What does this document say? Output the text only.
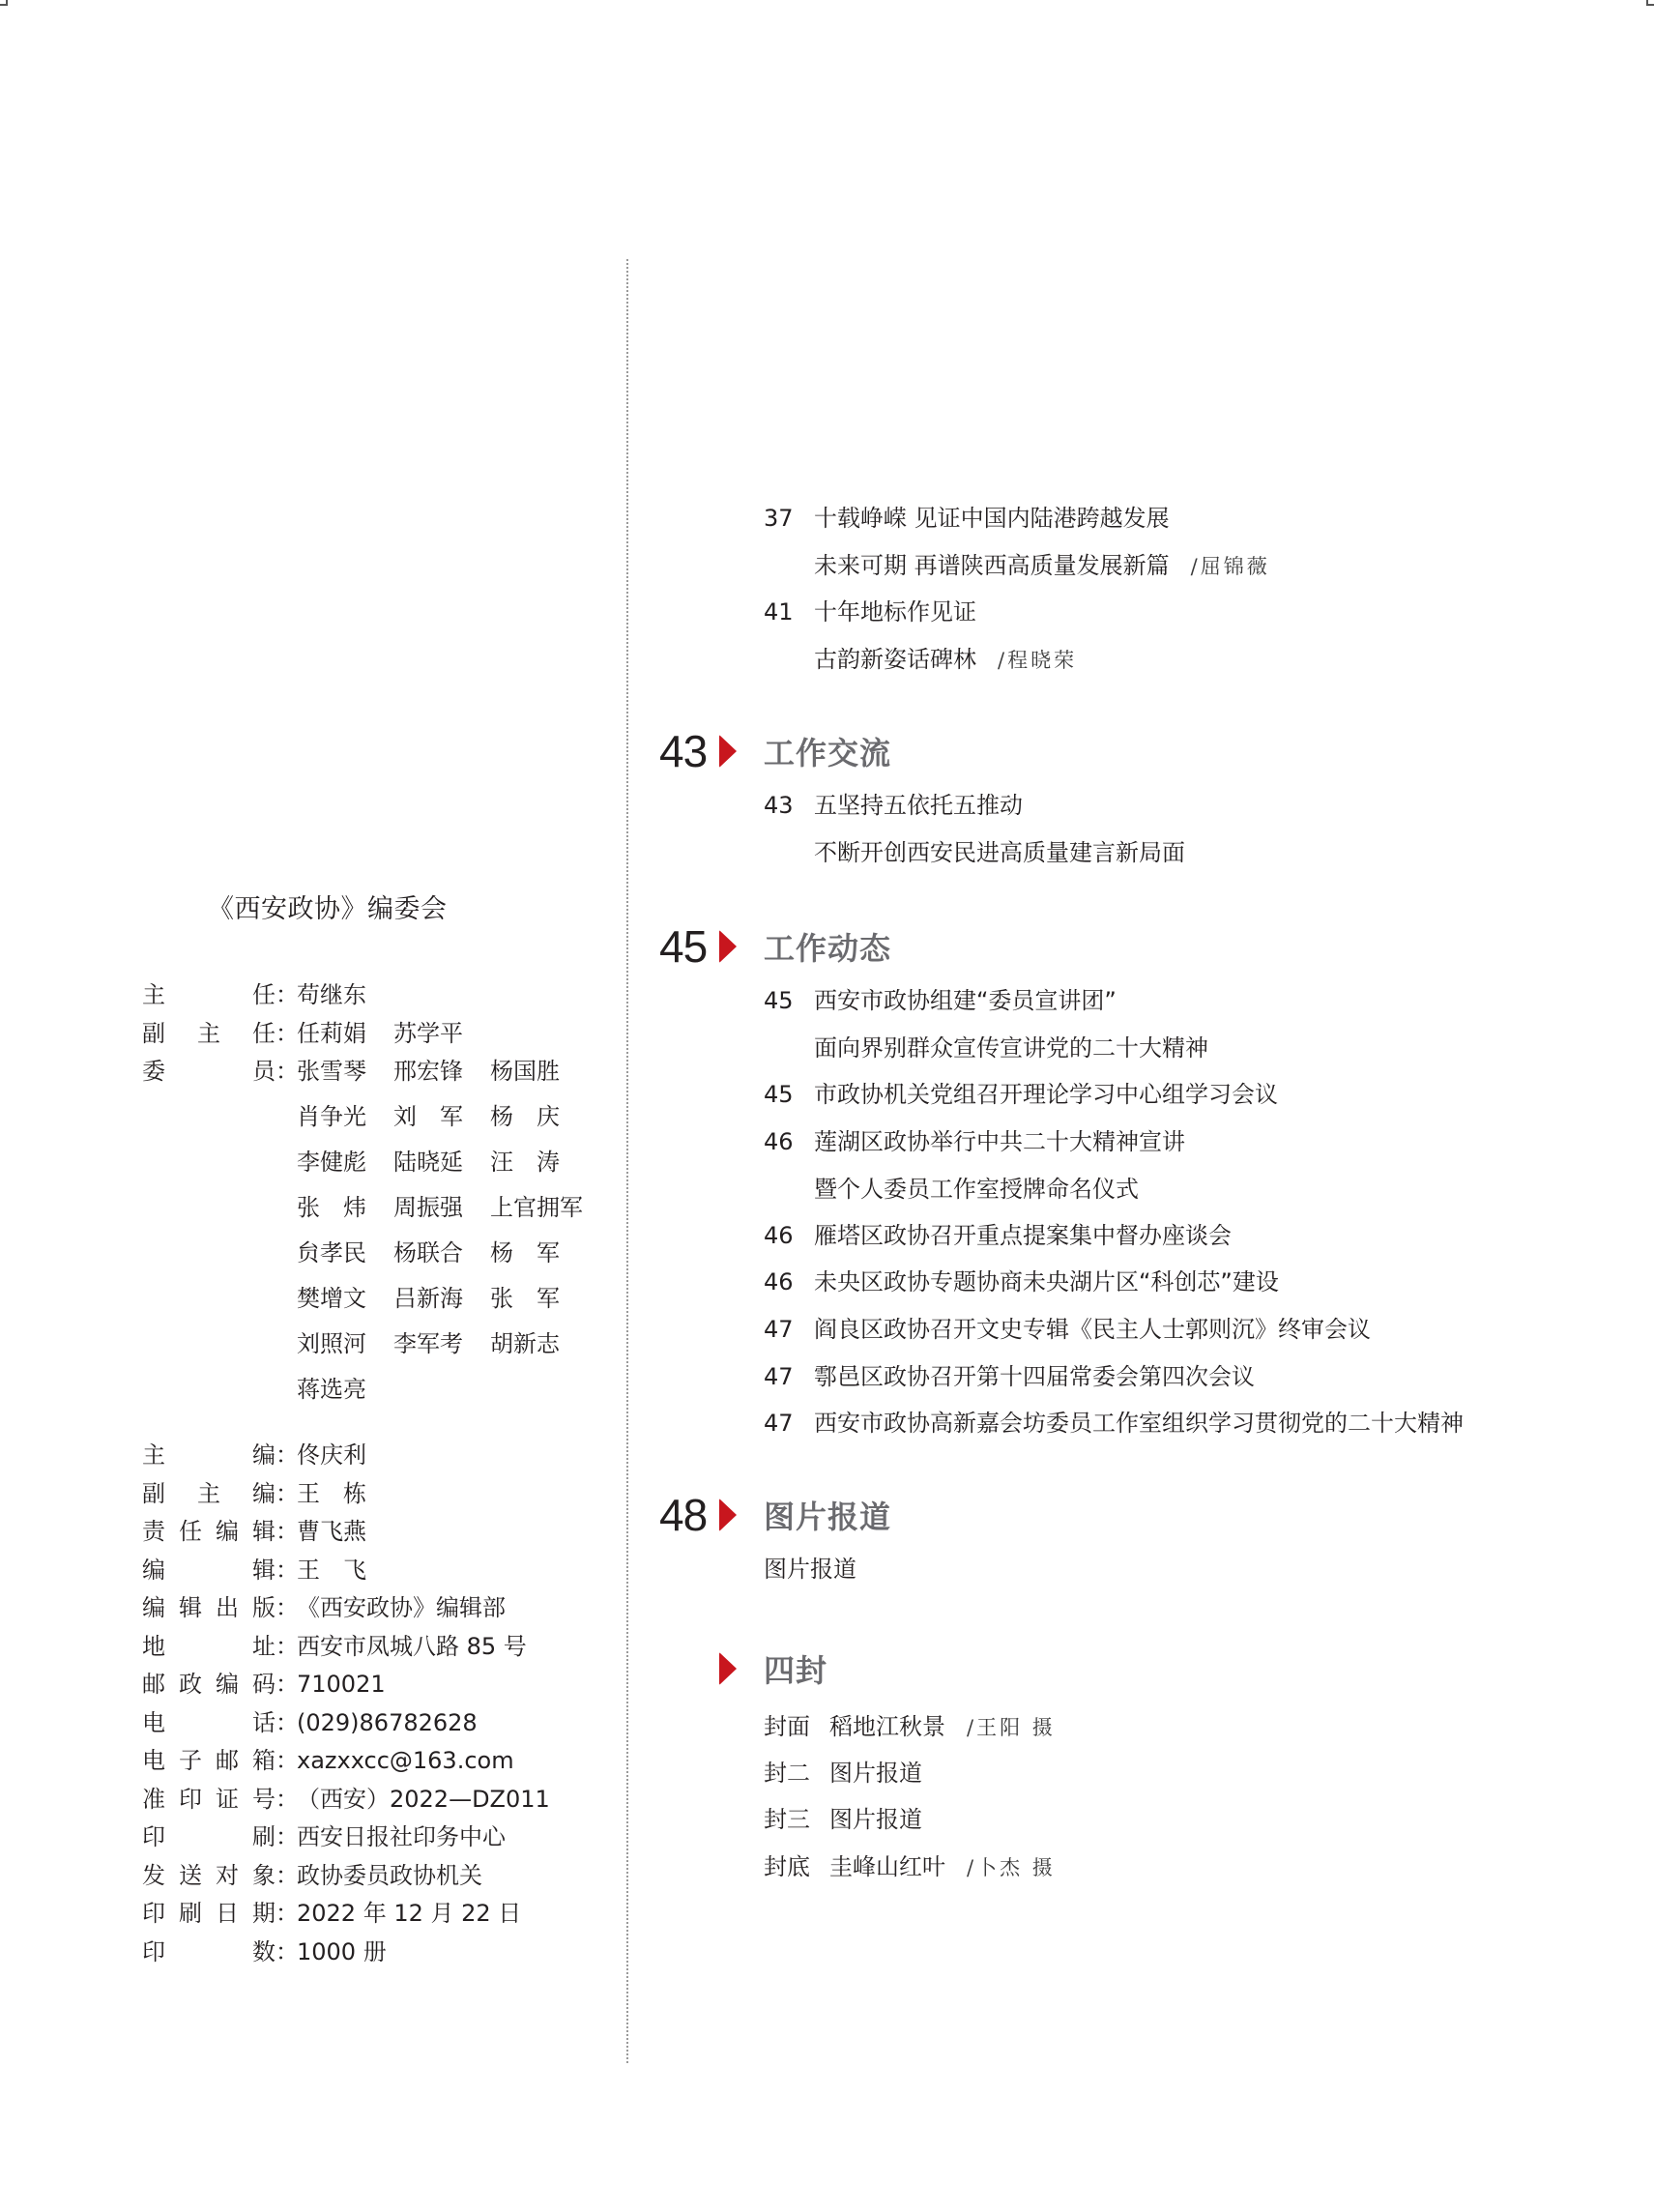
《西安政协》编委会
主	任 ：
苟继东
副 主 任 ：
任莉娟	苏学平
委	员 ：
张雪琴 邢宏锋 杨国胜
肖争光 刘　军 杨　庆
李健彪 陆晓延 汪　涛
张　炜 周振强 上官拥军
贠孝民 杨联合 杨　军
樊增文 吕新海 张　军
刘照河 李军考 胡新志
蒋选亮
主	编 ：
佟庆利
副 主 编 ：
王　栋
责 任 编 辑 ：
曹飞燕
编	辑 ：
王　飞
编 辑 出 版 ：
《西安政协》编辑部
地	址 ：
西安市凤城八路 85 号
邮 政 编 码 ：
710021
电	话 ：
(029)86782628
电 子 邮 箱 ：
xazxxcc@163.com
准 印 证 号 ：
（西安）2022—DZ011
印	刷 ：
西安日报社印务中心
发 送 对 象 ：
政协委员政协机关
印 刷 日 期 ：
2022 年 12 月 22 日
印	数 ：
1000 册
37 十载峥嵘 见证中国内陆港跨越发展
未来可期 再谱陕西高质量发展新篇 /屈锦薇
41 十年地标作见证
古韵新姿话碑林 /程晓荣
43	工作交流
43 五坚持五依托五推动
不断开创西安民进高质量建言新局面
45	工作动态
45 西安市政协组建“委员宣讲团”
面向界别群众宣传宣讲党的二十大精神
45 市政协机关党组召开理论学习中心组学习会议
46 莲湖区政协举行中共二十大精神宣讲
暨个人委员工作室授牌命名仪式
46 雁塔区政协召开重点提案集中督办座谈会
46 未央区政协专题协商未央湖片区“科创芯”建设
47 阎良区政协召开文史专辑《民主人士郭则沉》终审会议
47 鄠邑区政协召开第十四届常委会第四次会议
47 西安市政协高新嘉会坊委员工作室组织学习贯彻党的二十大精神
48	图片报道
图片报道
四封
封面 稻地江秋景 /王阳 摄
封二 图片报道
封三 图片报道
封底 圭峰山红叶 /卜杰 摄
